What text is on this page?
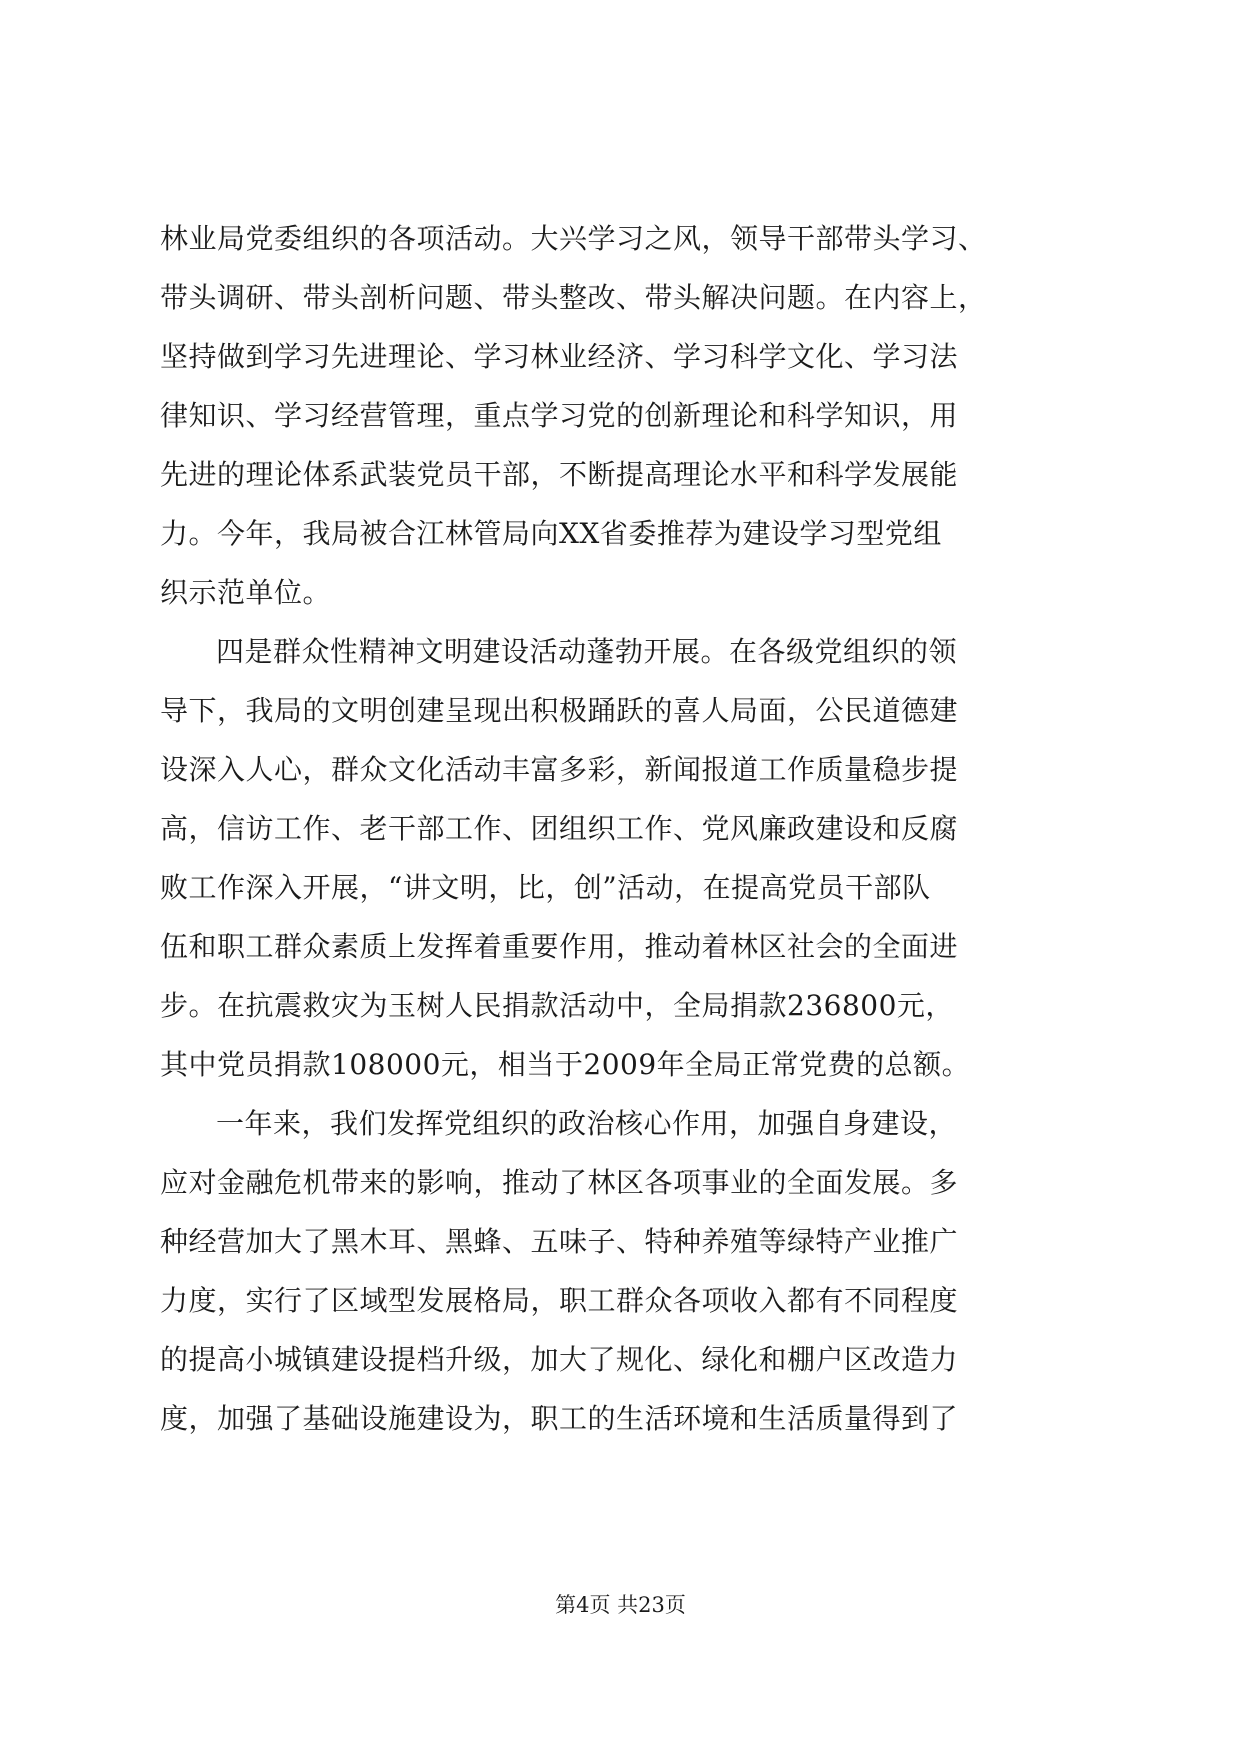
林业局党委组织的各项活动。大兴学习之风，领导干部带头学习、
带头调研、带头剖析问题、带头整改、带头解决问题。在内容上，
坚持做到学习先进理论、学习林业经济、学习科学文化、学习法
律知识、学习经营管理，重点学习党的创新理论和科学知识，用
先进的理论体系武装党员干部，不断提高理论水平和科学发展能
力。今年，我局被合江林管局向XX省委推荐为建设学习型党组
织示范单位。
四是群众性精神文明建设活动蓬勃开展。在各级党组织的领
导下，我局的文明创建呈现出积极踊跃的喜人局面，公民道德建
设深入人心，群众文化活动丰富多彩，新闻报道工作质量稳步提
高，信访工作、老干部工作、团组织工作、党风廉政建设和反腐
败工作深入开展，“讲文明，比，创”活动，在提高党员干部队
伍和职工群众素质上发挥着重要作用，推动着林区社会的全面进
步。在抗震救灾为玉树人民捐款活动中，全局捐款236800元，
其中党员捐款108000元，相当于2009年全局正常党费的总额。
一年来，我们发挥党组织的政治核心作用，加强自身建设，
应对金融危机带来的影响，推动了林区各项事业的全面发展。多
种经营加大了黑木耳、黑蜂、五味子、特种养殖等绿特产业推广
力度，实行了区域型发展格局，职工群众各项收入都有不同程度
的提高小城镇建设提档升级，加大了规化、绿化和棚户区改造力
度，加强了基础设施建设为，职工的生活环境和生活质量得到了
第4页 共23页
